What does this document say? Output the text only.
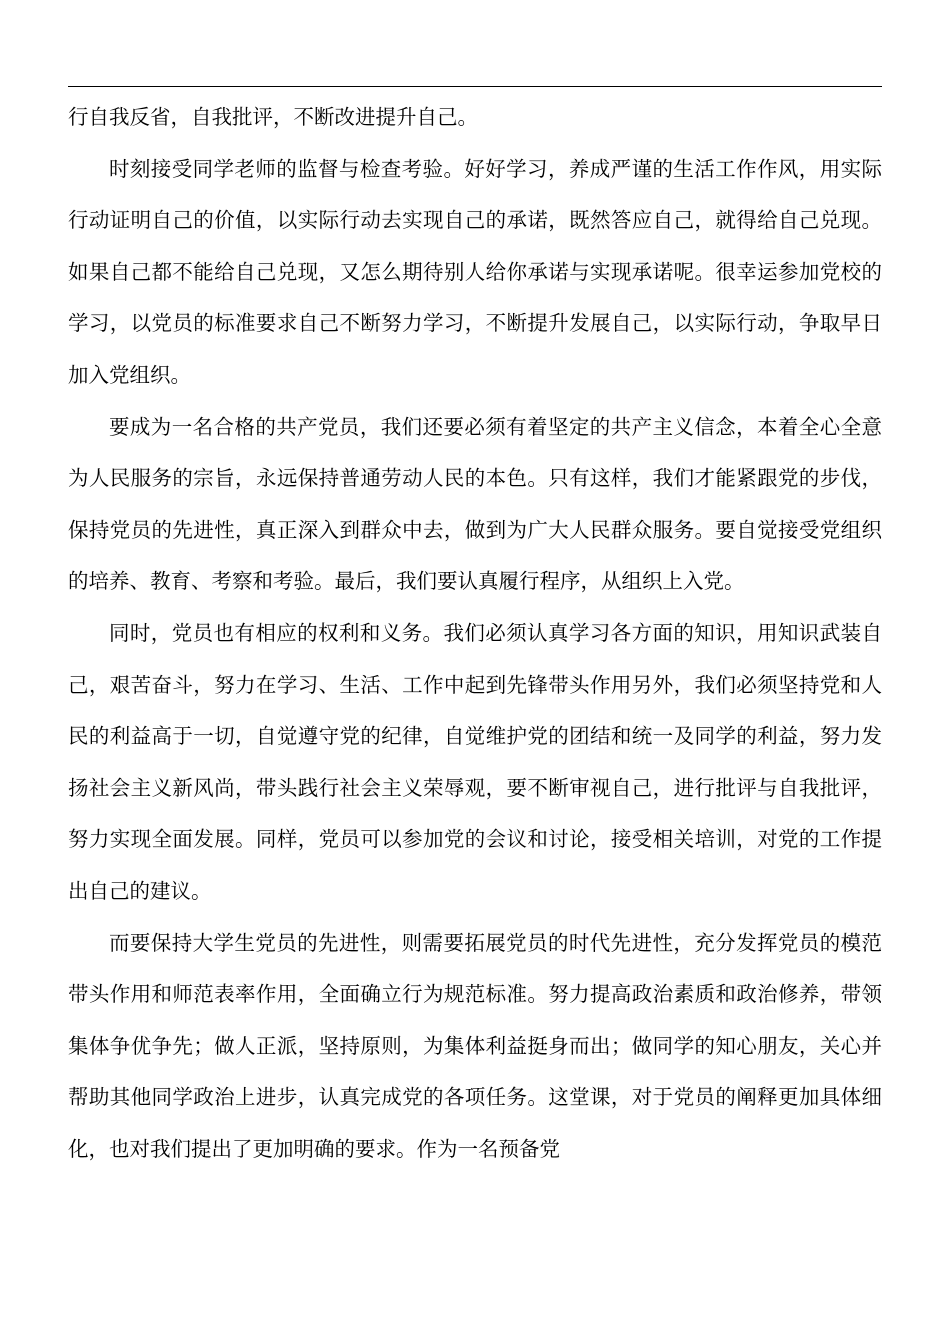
行自我反省，自我批评，不断改进提升自己。

时刻接受同学老师的监督与检查考验。好好学习，养成严谨的生活工作作风，用实际行动证明自己的价值，以实际行动去实现自己的承诺，既然答应自己，就得给自己兑现。如果自己都不能给自己兑现，又怎么期待别人给你承诺与实现承诺呢。很幸运参加党校的学习，以党员的标准要求自己不断努力学习，不断提升发展自己，以实际行动，争取早日加入党组织。

要成为一名合格的共产党员，我们还要必须有着坚定的共产主义信念，本着全心全意为人民服务的宗旨，永远保持普通劳动人民的本色。只有这样，我们才能紧跟党的步伐，保持党员的先进性，真正深入到群众中去，做到为广大人民群众服务。要自觉接受党组织的培养、教育、考察和考验。最后，我们要认真履行程序，从组织上入党。

同时，党员也有相应的权利和义务。我们必须认真学习各方面的知识，用知识武装自己，艰苦奋斗，努力在学习、生活、工作中起到先锋带头作用另外，我们必须坚持党和人民的利益高于一切，自觉遵守党的纪律，自觉维护党的团结和统一及同学的利益，努力发扬社会主义新风尚，带头践行社会主义荣辱观，要不断审视自己，进行批评与自我批评，努力实现全面发展。同样，党员可以参加党的会议和讨论，接受相关培训，对党的工作提出自己的建议。

而要保持大学生党员的先进性，则需要拓展党员的时代先进性，充分发挥党员的模范带头作用和师范表率作用，全面确立行为规范标准。努力提高政治素质和政治修养，带领集体争优争先；做人正派，坚持原则，为集体利益挺身而出；做同学的知心朋友，关心并帮助其他同学政治上进步，认真完成党的各项任务。这堂课，对于党员的阐释更加具体细化，也对我们提出了更加明确的要求。作为一名预备党
